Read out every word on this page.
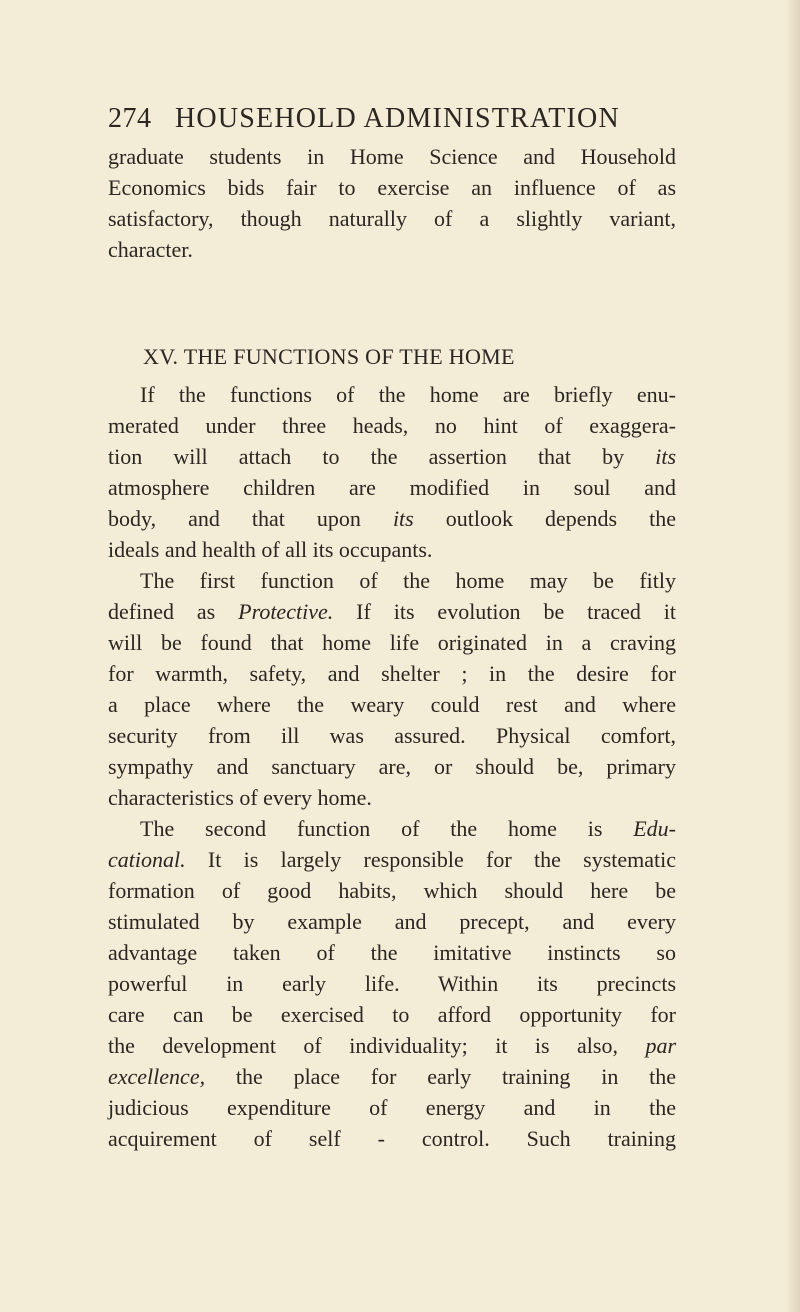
274 HOUSEHOLD ADMINISTRATION
graduate students in Home Science and Household
Economics bids fair to exercise an influence of as
satisfactory, though naturally of a slightly variant,
character.
XV. THE FUNCTIONS OF THE HOME
If the functions of the home are briefly enu-
merated under three heads, no hint of exaggera-
tion will attach to the assertion that by its
atmosphere children are modified in soul and
body, and that upon its outlook depends the
ideals and health of all its occupants.
The first function of the home may be fitly
defined as Protective. If its evolution be traced it
will be found that home life originated in a craving
for warmth, safety, and shelter ; in the desire for
a place where the weary could rest and where
security from ill was assured. Physical comfort,
sympathy and sanctuary are, or should be, primary
characteristics of every home.
The second function of the home is Edu-
cational. It is largely responsible for the systematic
formation of good habits, which should here be
stimulated by example and precept, and every
advantage taken of the imitative instincts so
powerful in early life. Within its precincts
care can be exercised to afford opportunity for
the development of individuality; it is also, par
excellence, the place for early training in the
judicious expenditure of energy and in the
acquirement of self - control. Such training
